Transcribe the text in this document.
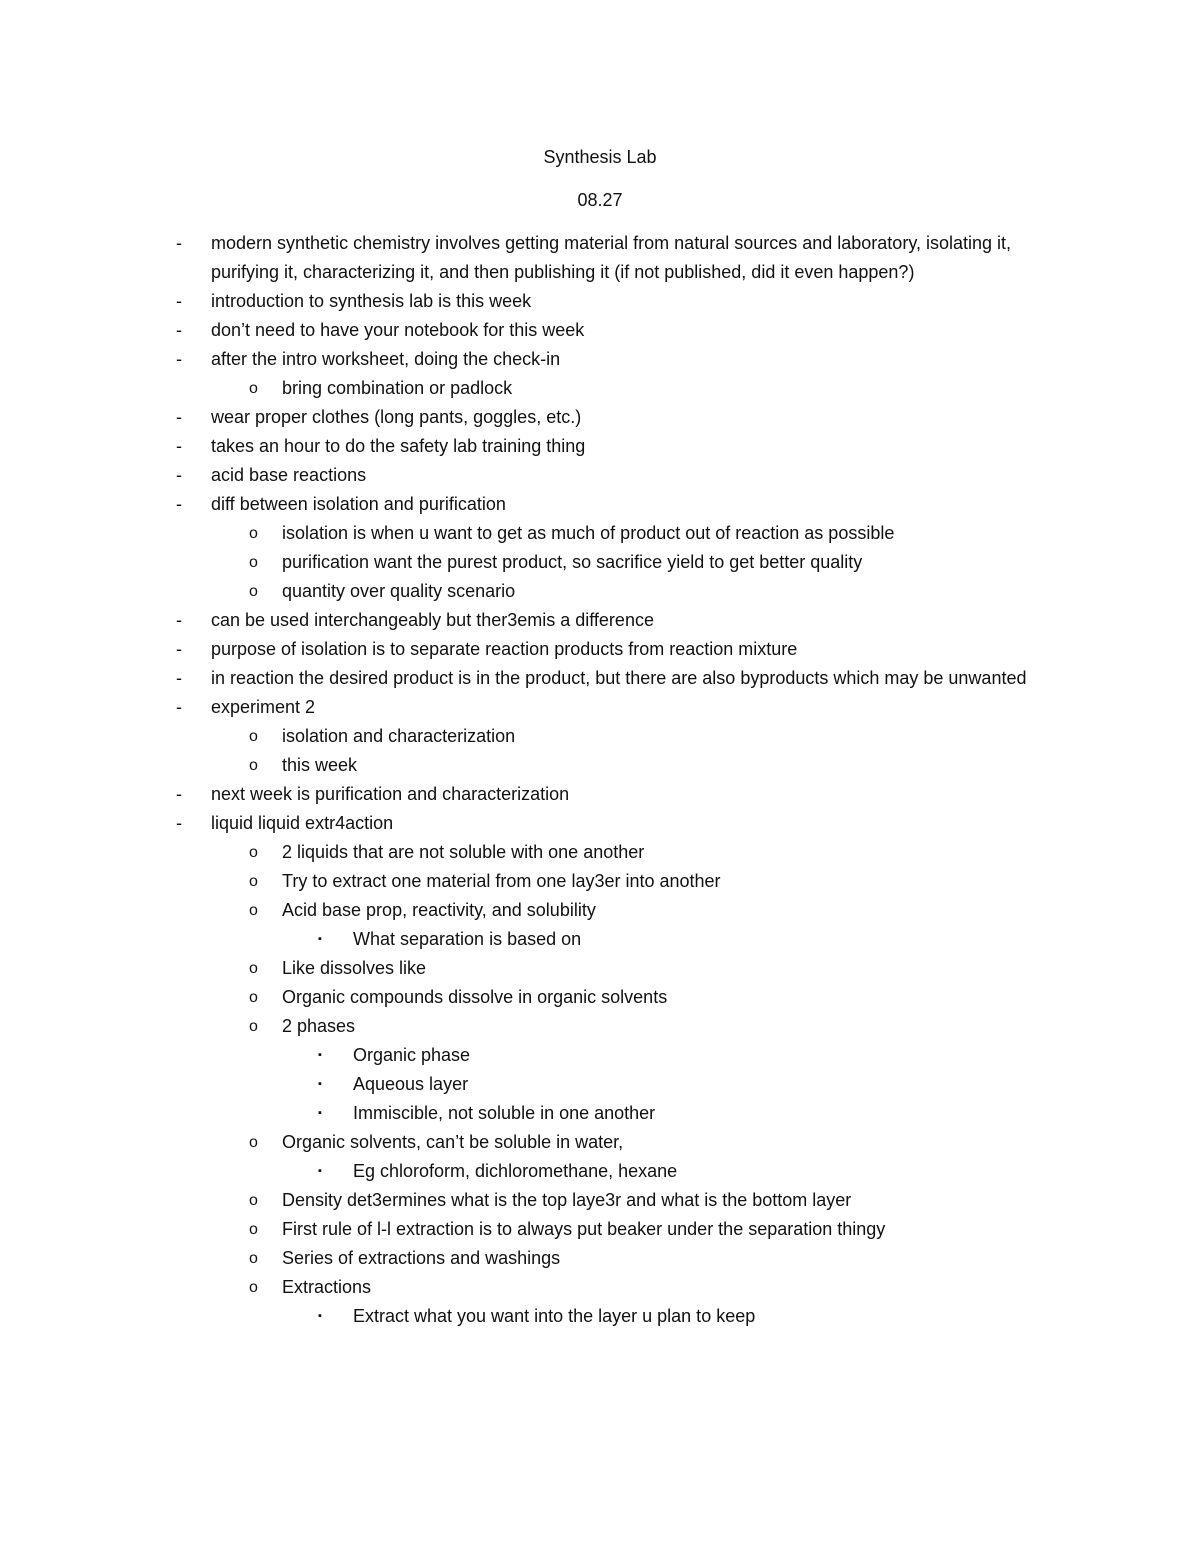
Synthesis Lab
08.27
- modern synthetic chemistry involves getting material from natural sources and laboratory, isolating it, purifying it, characterizing it, and then publishing it (if not published, did it even happen?)
- introduction to synthesis lab is this week
- don’t need to have your notebook for this week
- after the intro worksheet, doing the check-in
o bring combination or padlock
- wear proper clothes (long pants, goggles, etc.)
- takes an hour to do the safety lab training thing
- acid base reactions
- diff between isolation and purification
o isolation is when u want to get as much of product out of reaction as possible
o purification want the purest product, so sacrifice yield to get better quality
o quantity over quality scenario
- can be used interchangeably but ther3emis a difference
- purpose of isolation is to separate reaction products from reaction mixture
- in reaction the desired product is in the product, but there are also byproducts which may be unwanted
- experiment 2
o isolation and characterization
o this week
- next week is purification and characterization
- liquid liquid extr4action
o 2 liquids that are not soluble with one another
o Try to extract one material from one lay3er into another
o Acid base prop, reactivity, and solubility
▪ What separation is based on
o Like dissolves like
o Organic compounds dissolve in organic solvents
o 2 phases
▪ Organic phase
▪ Aqueous layer
▪ Immiscible, not soluble in one another
o Organic solvents, can’t be soluble in water,
▪ Eg chloroform, dichloromethane, hexane
o Density det3ermines what is the top laye3r and what is the bottom layer
o First rule of l-l extraction is to always put beaker under the separation thingy
o Series of extractions and washings
o Extractions
▪ Extract what you want into the layer u plan to keep
